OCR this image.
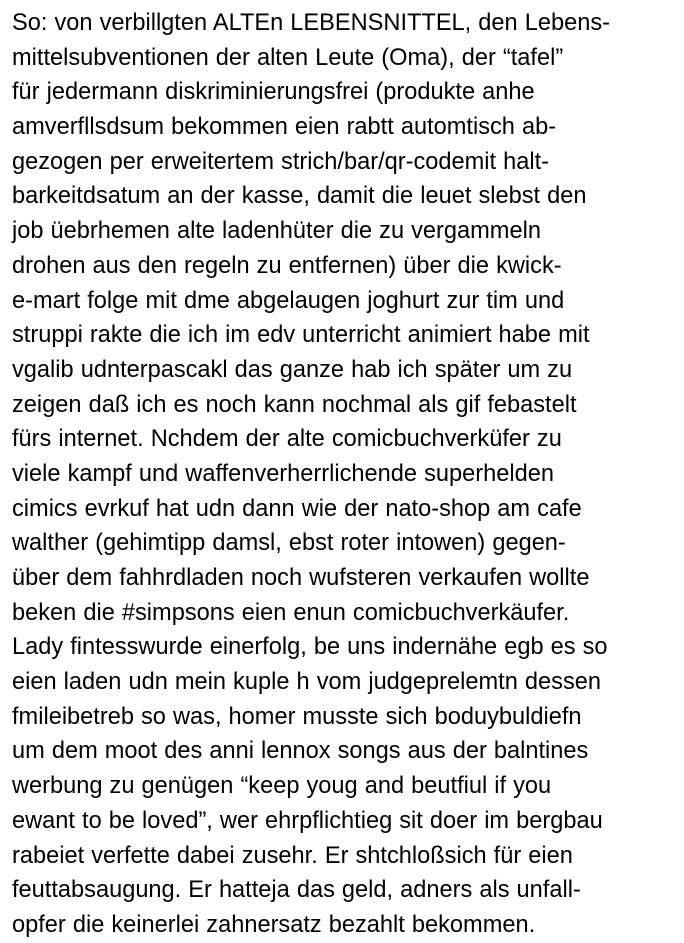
So: von verbillgten ALTEn LEBENSNITTEL, den Lebens-
mittelsubventionen der alten Leute (Oma), der “tafel”
für jedermann diskriminierungsfrei (produkte anhe
amverfllsdsum bekommen eien rabtt automtisch ab-
gezogen per erweitertem strich/bar/qr-codemit halt-
barkeitdsatum an der kasse, damit die leuet slebst den
job üebrhemen alte ladenhüter die zu vergammeln
drohen aus den regeln zu entfernen) über die kwick-
e-mart folge mit dme abgelaugen joghurt zur tim und
struppi rakte die ich im edv unterricht animiert habe mit
vgalib udnterpascakl das ganze hab ich später um zu
zeigen daß ich es noch kann nochmal als gif febastelt
fürs internet. Nchdem der alte comicbuchverküfer zu
viele kampf und waffenverherrlichende superhelden
cimics evrkuf hat udn dann wie der nato-shop am cafe
walther (gehimtipp damsl, ebst roter intowen) gegen-
über dem fahhrdladen noch wufsteren verkaufen wollte
beken die #simpsons eien enun comicbuchverkäufer.
Lady fintesswurde einerfolg, be uns indernähe egb es so
eien laden udn mein kuple h vom judgeprelemtn dessen
fmileibetreb so was, homer musste sich boduybuldiefn
um dem moot des anni lennox songs aus der balntines
werbung zu genügen “keep youg and beutfiul if you
ewant to be loved”, wer ehrpflichtieg sit doer im bergbau
rabeiet verfette dabei zusehr. Er shtchloßsich für eien
feuttabsaugung. Er hatteja das geld, adners als unfall-
opfer die keinerlei zahnersatz bezahlt bekommen.
